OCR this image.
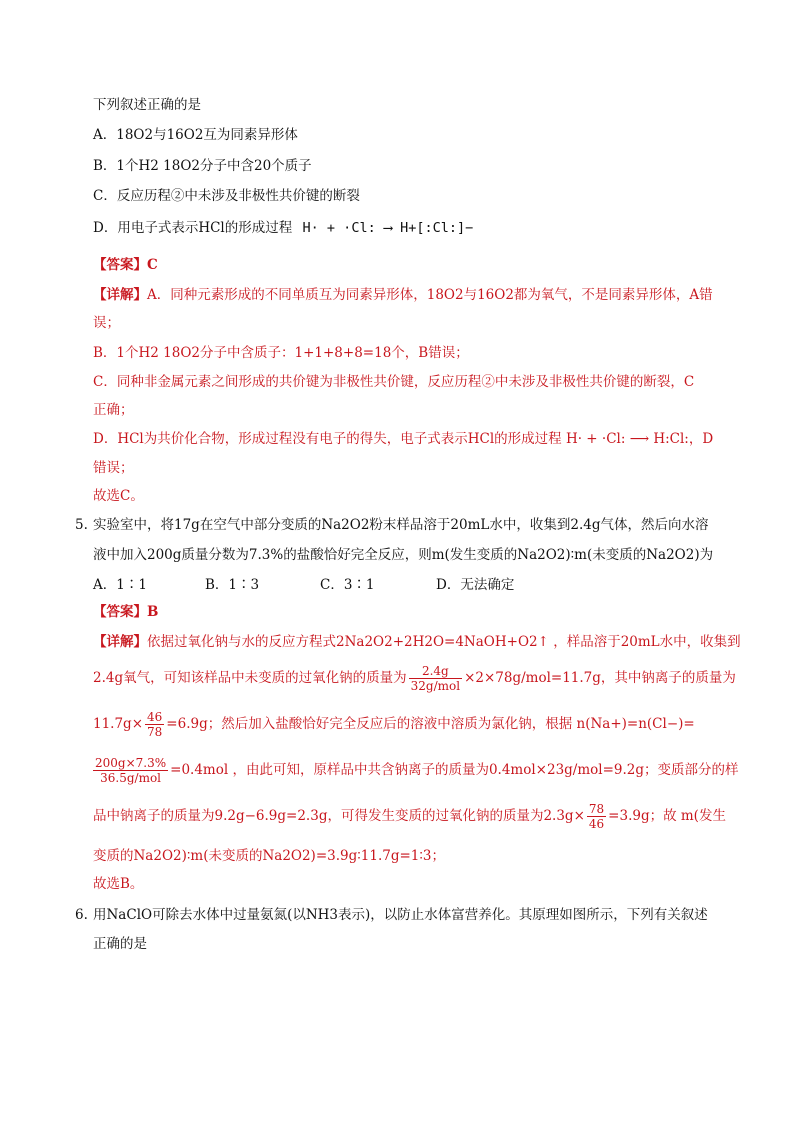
下列叙述正确的是
A．18O2与16O2互为同素异形体
B．1个H2 18O2分子中含20个质子
C．反应历程②中未涉及非极性共价键的断裂
D．用电子式表示HCl的形成过程 H· + ·Cl: ⟶ H+[:Cl:]−
【答案】C
【详解】A．同种元素形成的不同单质互为同素异形体，18O2与16O2都为氧气，不是同素异形体，A错
误；
B．1个H2 18O2分子中含质子：1+1+8+8=18个，B错误；
C．同种非金属元素之间形成的共价键为非极性共价键，反应历程②中未涉及非极性共价键的断裂，C
正确；
D．HCl为共价化合物，形成过程没有电子的得失，电子式表示HCl的形成过程 H· + ·Cl: ⟶ H:Cl:，D
错误；
故选C。
5. 实验室中，将17g在空气中部分变质的Na2O2粉末样品溶于20mL水中，收集到2.4g气体，然后向水溶
液中加入200g质量分数为7.3%的盐酸恰好完全反应，则m(发生变质的Na2O2)∶m(未变质的Na2O2)为
A．1∶1	B．1∶3	C．3∶1	D．无法确定
【答案】B
【详解】依据过氧化钠与水的反应方程式2Na2O2+2H2O=4NaOH+O2↑ ，样品溶于20mL水中，收集到
2.4g氧气，可知该样品中未变质的过氧化钠的质量为 $\frac{2.4g}{\text{32g/mol}} \times 2\times 78g/mol=11.7g$，其中钠离子的质量为
$11.7g\times \frac{46}{78} =6.9g$；然后加入盐酸恰好完全反应后的溶液中溶质为氯化钠，根据 n(Na+)=n(Cl−)=
$\frac{200g\times 7.3\%}{\text{36.5g/mol}} =0.4mol$ ，由此可知，原样品中共含钠离子的质量为0.4mol×23g/mol=9.2g；变质部分的样
品中钠离子的质量为9.2g−6.9g=2.3g，可得发生变质的过氧化钠的质量为$2.3g\times \frac{78}{46} =3.9g$；故 m(发生
变质的Na2O2)∶m(未变质的Na2O2)=3.9g∶11.7g=1∶3；
故选B。
6. 用NaClO可除去水体中过量氨氮(以NH3表示)，以防止水体富营养化。其原理如图所示，下列有关叙述
正确的是
